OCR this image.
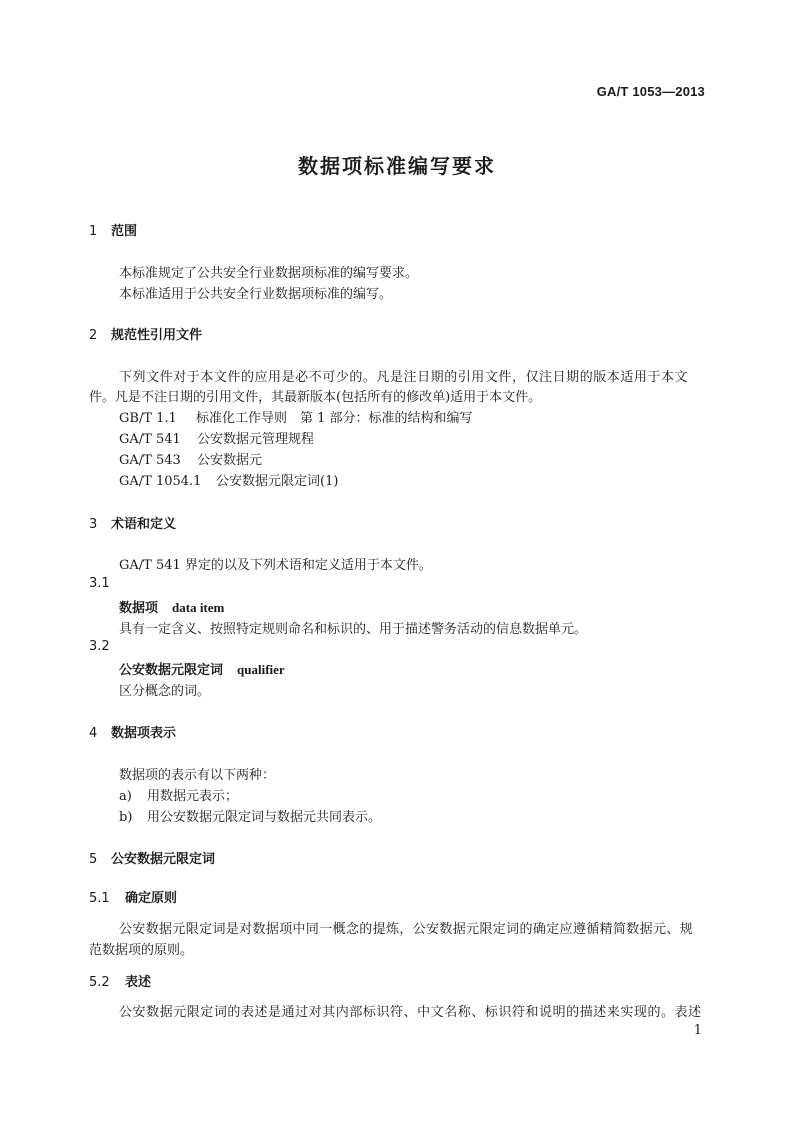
GA/T 1053—2013
数据项标准编写要求
1 范围
本标准规定了公共安全行业数据项标准的编写要求。
本标准适用于公共安全行业数据项标准的编写。
2 规范性引用文件
下列文件对于本文件的应用是必不可少的。凡是注日期的引用文件，仅注日期的版本适用于本文
件。凡是不注日期的引用文件，其最新版本(包括所有的修改单)适用于本文件。
GB/T 1.1 标准化工作导则　第 1 部分：标准的结构和编写
GA/T 541 公安数据元管理规程
GA/T 543 公安数据元
GA/T 1054.1 公安数据元限定词(1)
3 术语和定义
GA/T 541 界定的以及下列术语和定义适用于本文件。
3.1
数据项 data item
具有一定含义、按照特定规则命名和标识的、用于描述警务活动的信息数据单元。
3.2
公安数据元限定词 qualifier
区分概念的词。
4 数据项表示
数据项的表示有以下两种：
a) 用数据元表示；
b) 用公安数据元限定词与数据元共同表示。
5 公安数据元限定词
5.1 确定原则
公安数据元限定词是对数据项中同一概念的提炼，公安数据元限定词的确定应遵循精简数据元、规
范数据项的原则。
5.2 表述
公安数据元限定词的表述是通过对其内部标识符、中文名称、标识符和说明的描述来实现的。表述
1
